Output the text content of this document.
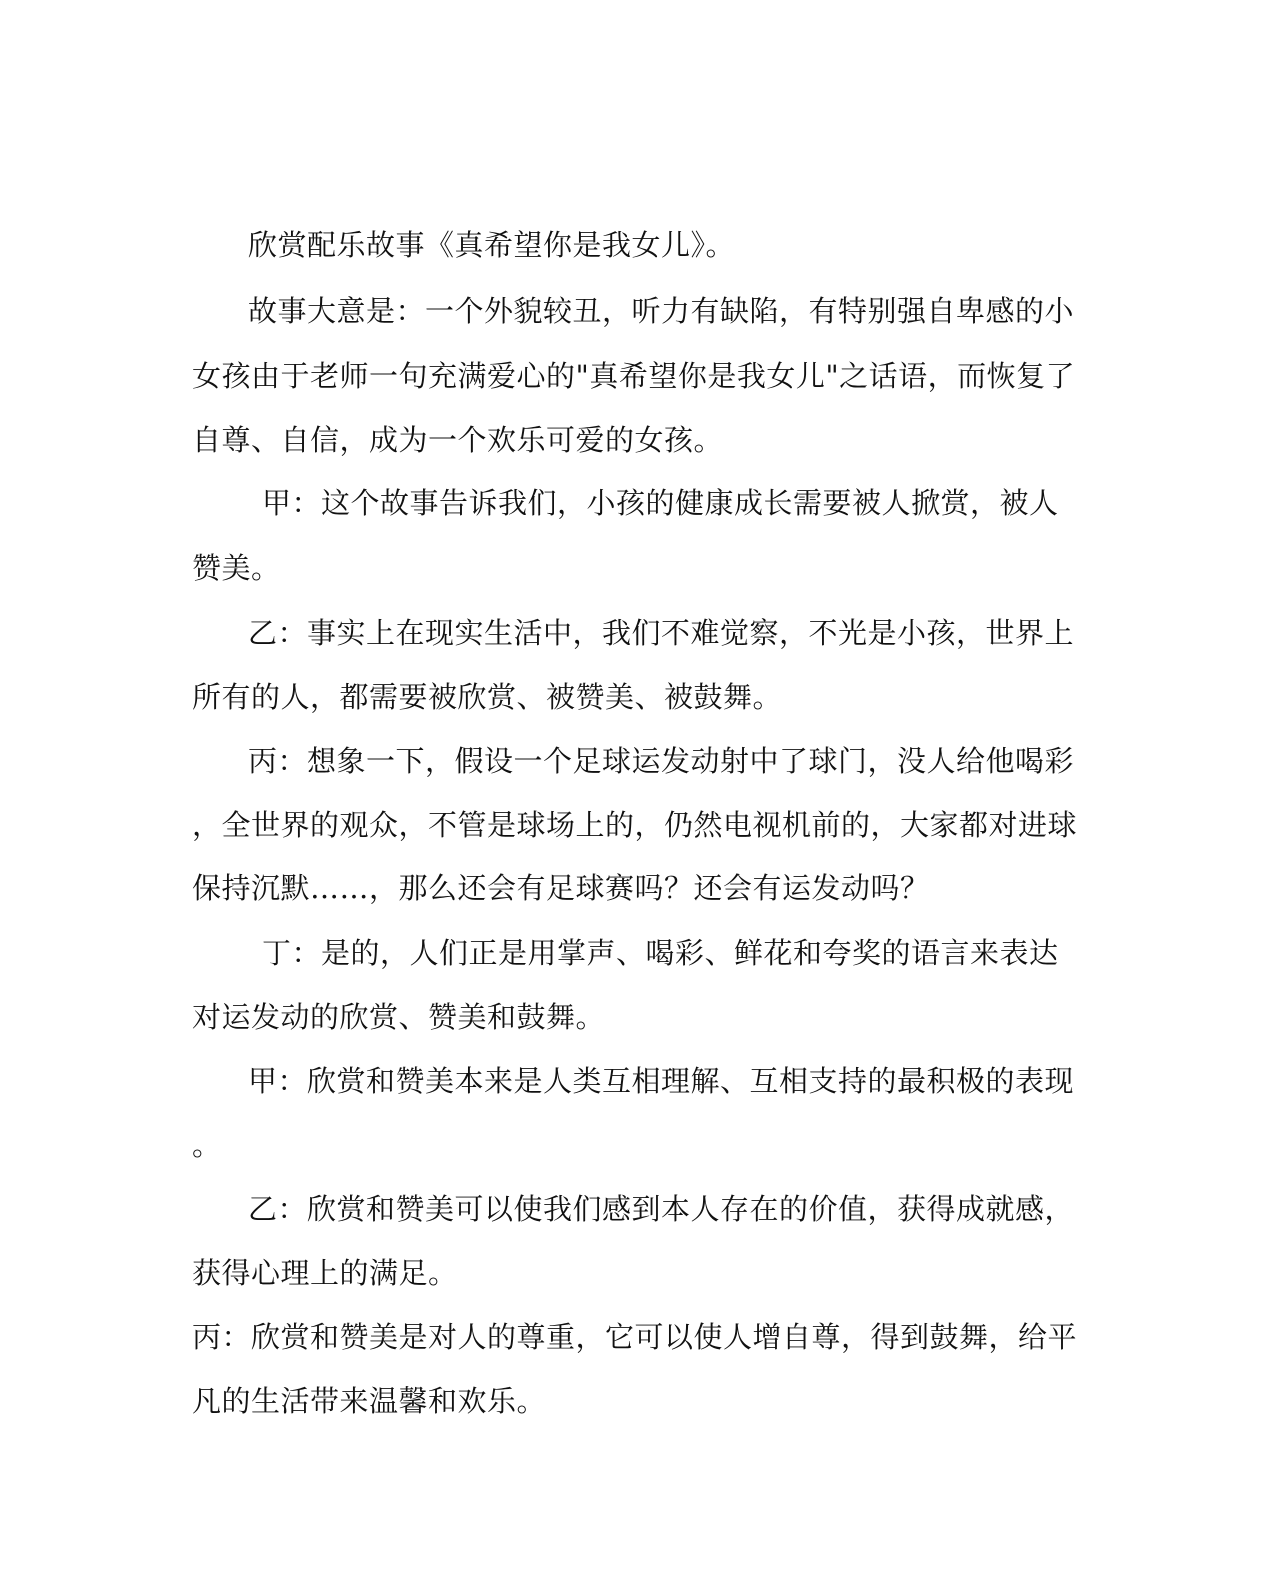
欣赏配乐故事《真希望你是我女儿》。

故事大意是：一个外貌较丑，听力有缺陷，有特别强自卑感的小

女孩由于老师一句充满爱心的"真希望你是我女儿"之话语，而恢复了

自尊、自信，成为一个欢乐可爱的女孩。

甲：这个故事告诉我们，小孩的健康成长需要被人掀赏，被人

赞美。

乙：事实上在现实生活中，我们不难觉察，不光是小孩，世界上

所有的人，都需要被欣赏、被赞美、被鼓舞。

丙：想象一下，假设一个足球运发动射中了球门，没人给他喝彩

，全世界的观众，不管是球场上的，仍然电视机前的，大家都对进球

保持沉默……，那么还会有足球赛吗？还会有运发动吗？

丁：是的，人们正是用掌声、喝彩、鲜花和夸奖的语言来表达

对运发动的欣赏、赞美和鼓舞。

甲：欣赏和赞美本来是人类互相理解、互相支持的最积极的表现

。

乙：欣赏和赞美可以使我们感到本人存在的价值，获得成就感，

获得心理上的满足。

丙：欣赏和赞美是对人的尊重，它可以使人增自尊，得到鼓舞，给平

凡的生活带来温馨和欢乐。
